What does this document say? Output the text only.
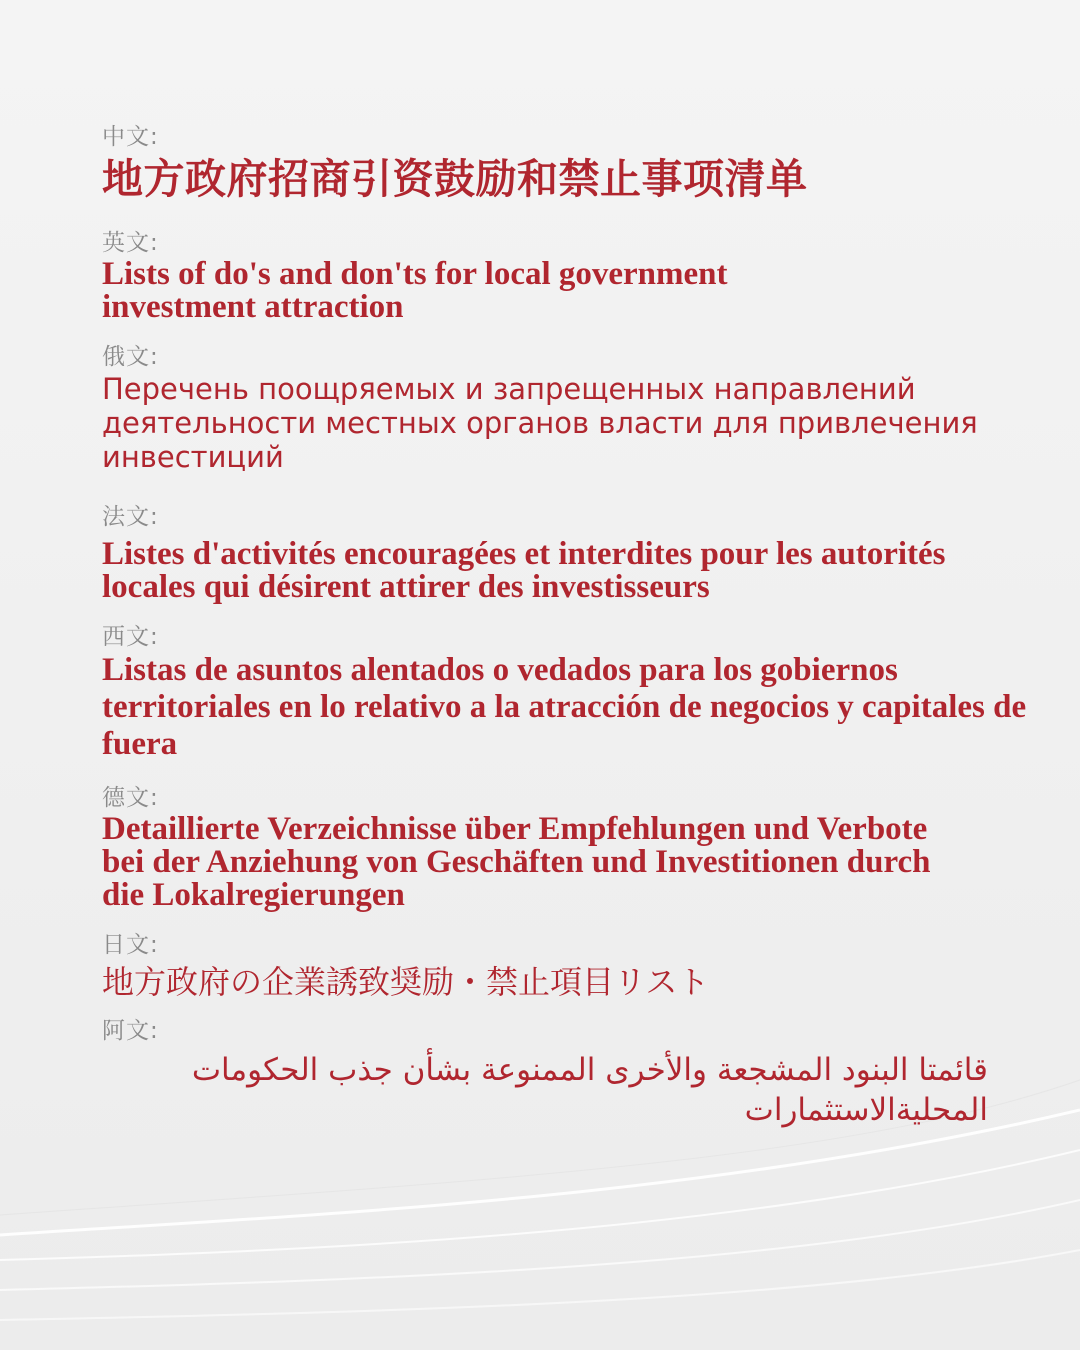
中文:
地方政府招商引资鼓励和禁止事项清单
英文:
Lists of do's and don'ts for local government investment attraction
俄文:
Перечень поощряемых и запрещенных направлений деятельности местных органов власти для привлечения инвестиций
法文:
Listes d'activités encouragées et interdites pour les autorités locales qui désirent attirer des investisseurs
西文:
Listas de asuntos alentados o vedados para los gobiernos territoriales en lo relativo a la atracción de negocios y capitales de fuera
德文:
Detaillierte Verzeichnisse über Empfehlungen und Verbote bei der Anziehung von Geschäften und Investitionen durch die Lokalregierungen
日文:
地方政府の企業誘致奨励・禁止項目リスト
阿文:
قائمتا البنود المشجعة والأخرى الممنوعة بشأن جذب الحكومات المحليةالاستثمارات
